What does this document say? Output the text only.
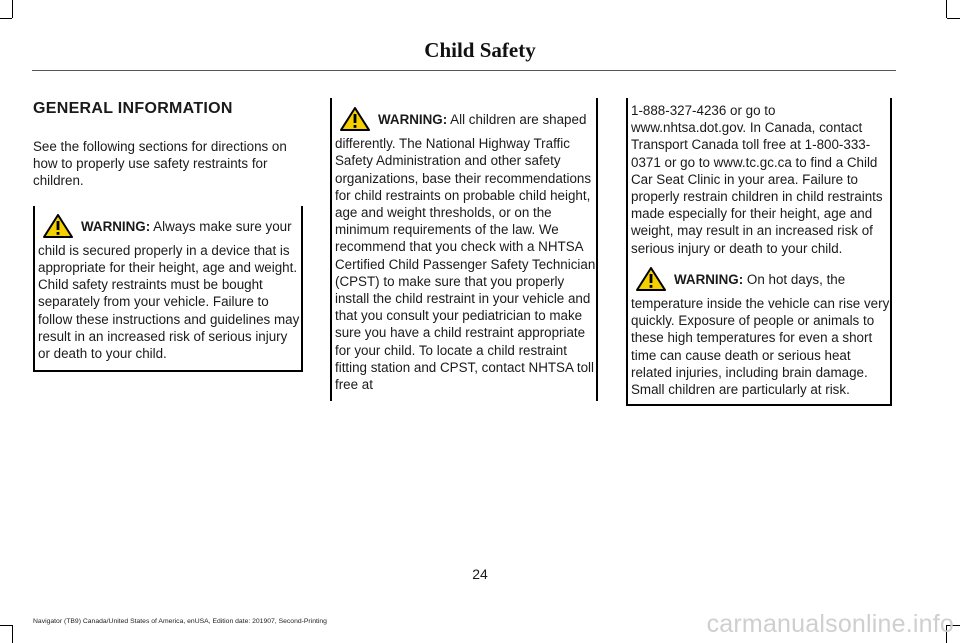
Child Safety
GENERAL INFORMATION

See the following sections for directions on how to properly use safety restraints for children.

WARNING: Always make sure your child is secured properly in a device that is appropriate for their height, age and weight. Child safety restraints must be bought separately from your vehicle. Failure to follow these instructions and guidelines may result in an increased risk of serious injury or death to your child.
WARNING: All children are shaped differently. The National Highway Traffic Safety Administration and other safety organizations, base their recommendations for child restraints on probable child height, age and weight thresholds, or on the minimum requirements of the law. We recommend that you check with a NHTSA Certified Child Passenger Safety Technician (CPST) to make sure that you properly install the child restraint in your vehicle and that you consult your pediatrician to make sure you have a child restraint appropriate for your child. To locate a child restraint fitting station and CPST, contact NHTSA toll free at
1-888-327-4236 or go to www.nhtsa.dot.gov. In Canada, contact Transport Canada toll free at 1-800-333-0371 or go to www.tc.gc.ca to find a Child Car Seat Clinic in your area. Failure to properly restrain children in child restraints made especially for their height, age and weight, may result in an increased risk of serious injury or death to your child.
WARNING: On hot days, the temperature inside the vehicle can rise very quickly. Exposure of people or animals to these high temperatures for even a short time can cause death or serious heat related injuries, including brain damage. Small children are particularly at risk.
24
Navigator (TB9) Canada/United States of America, enUSA, Edition date: 201907, Second-Printing	carmanualsonline.info
